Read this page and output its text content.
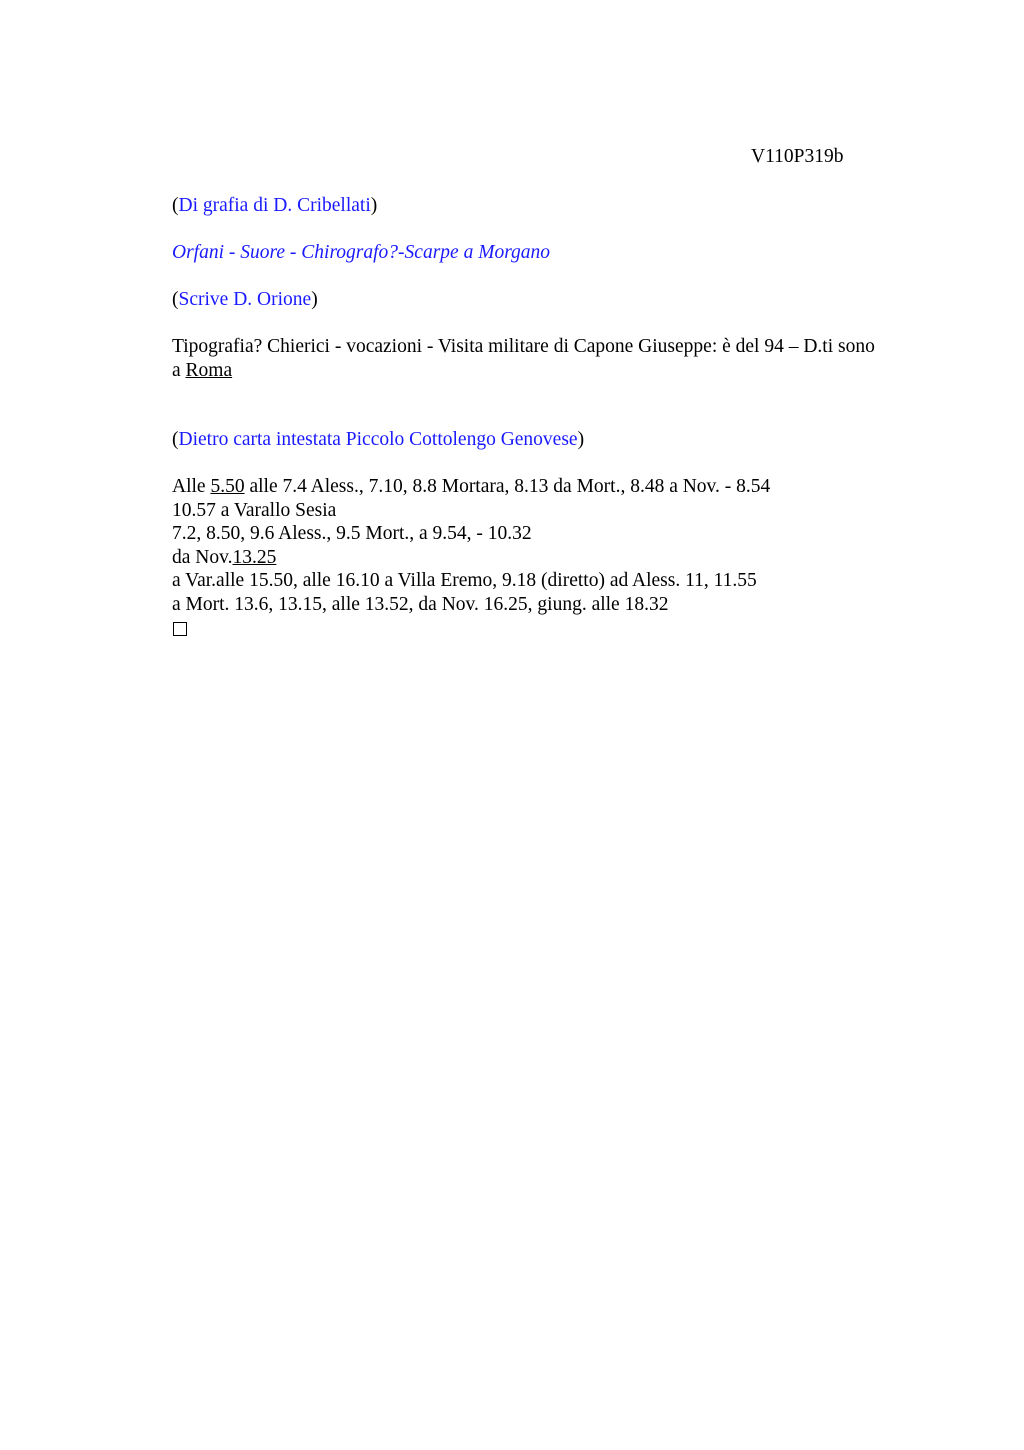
V110P319b

(Di grafia di D. Cribellati)

Orfani - Suore - Chirografo?-Scarpe a Morgano

(Scrive D. Orione)

Tipografia? Chierici - vocazioni - Visita militare di Capone Giuseppe: è del 94 – D.ti sono
a Roma

(Dietro carta intestata Piccolo Cottolengo Genovese)

Alle 5.50 alle 7.4 Aless., 7.10, 8.8 Mortara, 8.13 da Mort., 8.48 a Nov. - 8.54
10.57 a Varallo Sesia
7.2, 8.50, 9.6 Aless., 9.5 Mort., a 9.54, - 10.32
da Nov.13.25
a Var.alle 15.50, alle 16.10 a Villa Eremo, 9.18 (diretto) ad Aless. 11, 11.55
a Mort. 13.6, 13.15, alle 13.52, da Nov. 16.25, giung. alle 18.32
